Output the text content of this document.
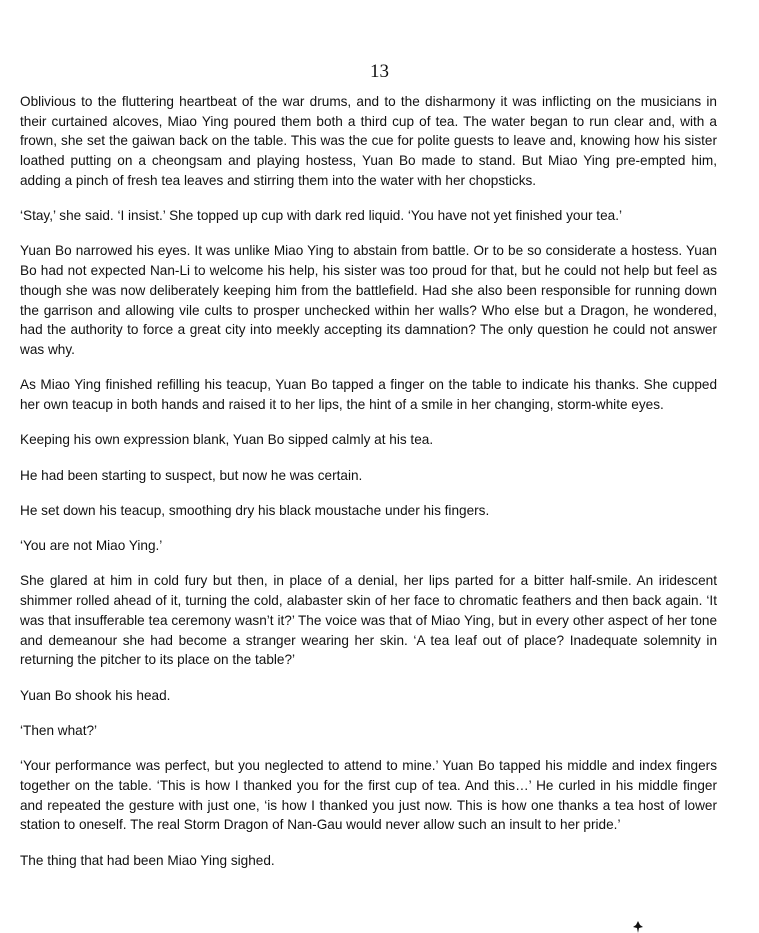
13

Oblivious to the fluttering heartbeat of the war drums, and to the disharmony it was inflicting on the musicians in their curtained alcoves, Miao Ying poured them both a third cup of tea. The water began to run clear and, with a frown, she set the gaiwan back on the table. This was the cue for polite guests to leave and, knowing how his sister loathed putting on a cheongsam and playing hostess, Yuan Bo made to stand. But Miao Ying pre-empted him, adding a pinch of fresh tea leaves and stirring them into the water with her chopsticks.

‘Stay,’ she said. ‘I insist.’ She topped up cup with dark red liquid. ‘You have not yet finished your tea.’

Yuan Bo narrowed his eyes. It was unlike Miao Ying to abstain from battle. Or to be so considerate a hostess. Yuan Bo had not expected Nan-Li to welcome his help, his sister was too proud for that, but he could not help but feel as though she was now deliberately keeping him from the battlefield. Had she also been responsible for running down the garrison and allowing vile cults to prosper unchecked within her walls? Who else but a Dragon, he wondered, had the authority to force a great city into meekly accepting its damnation? The only question he could not answer was why.

As Miao Ying finished refilling his teacup, Yuan Bo tapped a finger on the table to indicate his thanks. She cupped her own teacup in both hands and raised it to her lips, the hint of a smile in her changing, storm-white eyes.

Keeping his own expression blank, Yuan Bo sipped calmly at his tea.

He had been starting to suspect, but now he was certain.

He set down his teacup, smoothing dry his black moustache under his fingers.

‘You are not Miao Ying.’

She glared at him in cold fury but then, in place of a denial, her lips parted for a bitter half-smile. An iridescent shimmer rolled ahead of it, turning the cold, alabaster skin of her face to chromatic feathers and then back again. ‘It was that insufferable tea ceremony wasn’t it?’ The voice was that of Miao Ying, but in every other aspect of her tone and demeanour she had become a stranger wearing her skin. ‘A tea leaf out of place? Inadequate solemnity in returning the pitcher to its place on the table?’

Yuan Bo shook his head.

‘Then what?’

‘Your performance was perfect, but you neglected to attend to mine.’ Yuan Bo tapped his middle and index fingers together on the table. ‘This is how I thanked you for the first cup of tea. And this…’ He curled in his middle finger and repeated the gesture with just one, ‘is how I thanked you just now. This is how one thanks a tea host of lower station to oneself. The real Storm Dragon of Nan-Gau would never allow such an insult to her pride.’

The thing that had been Miao Ying sighed.
